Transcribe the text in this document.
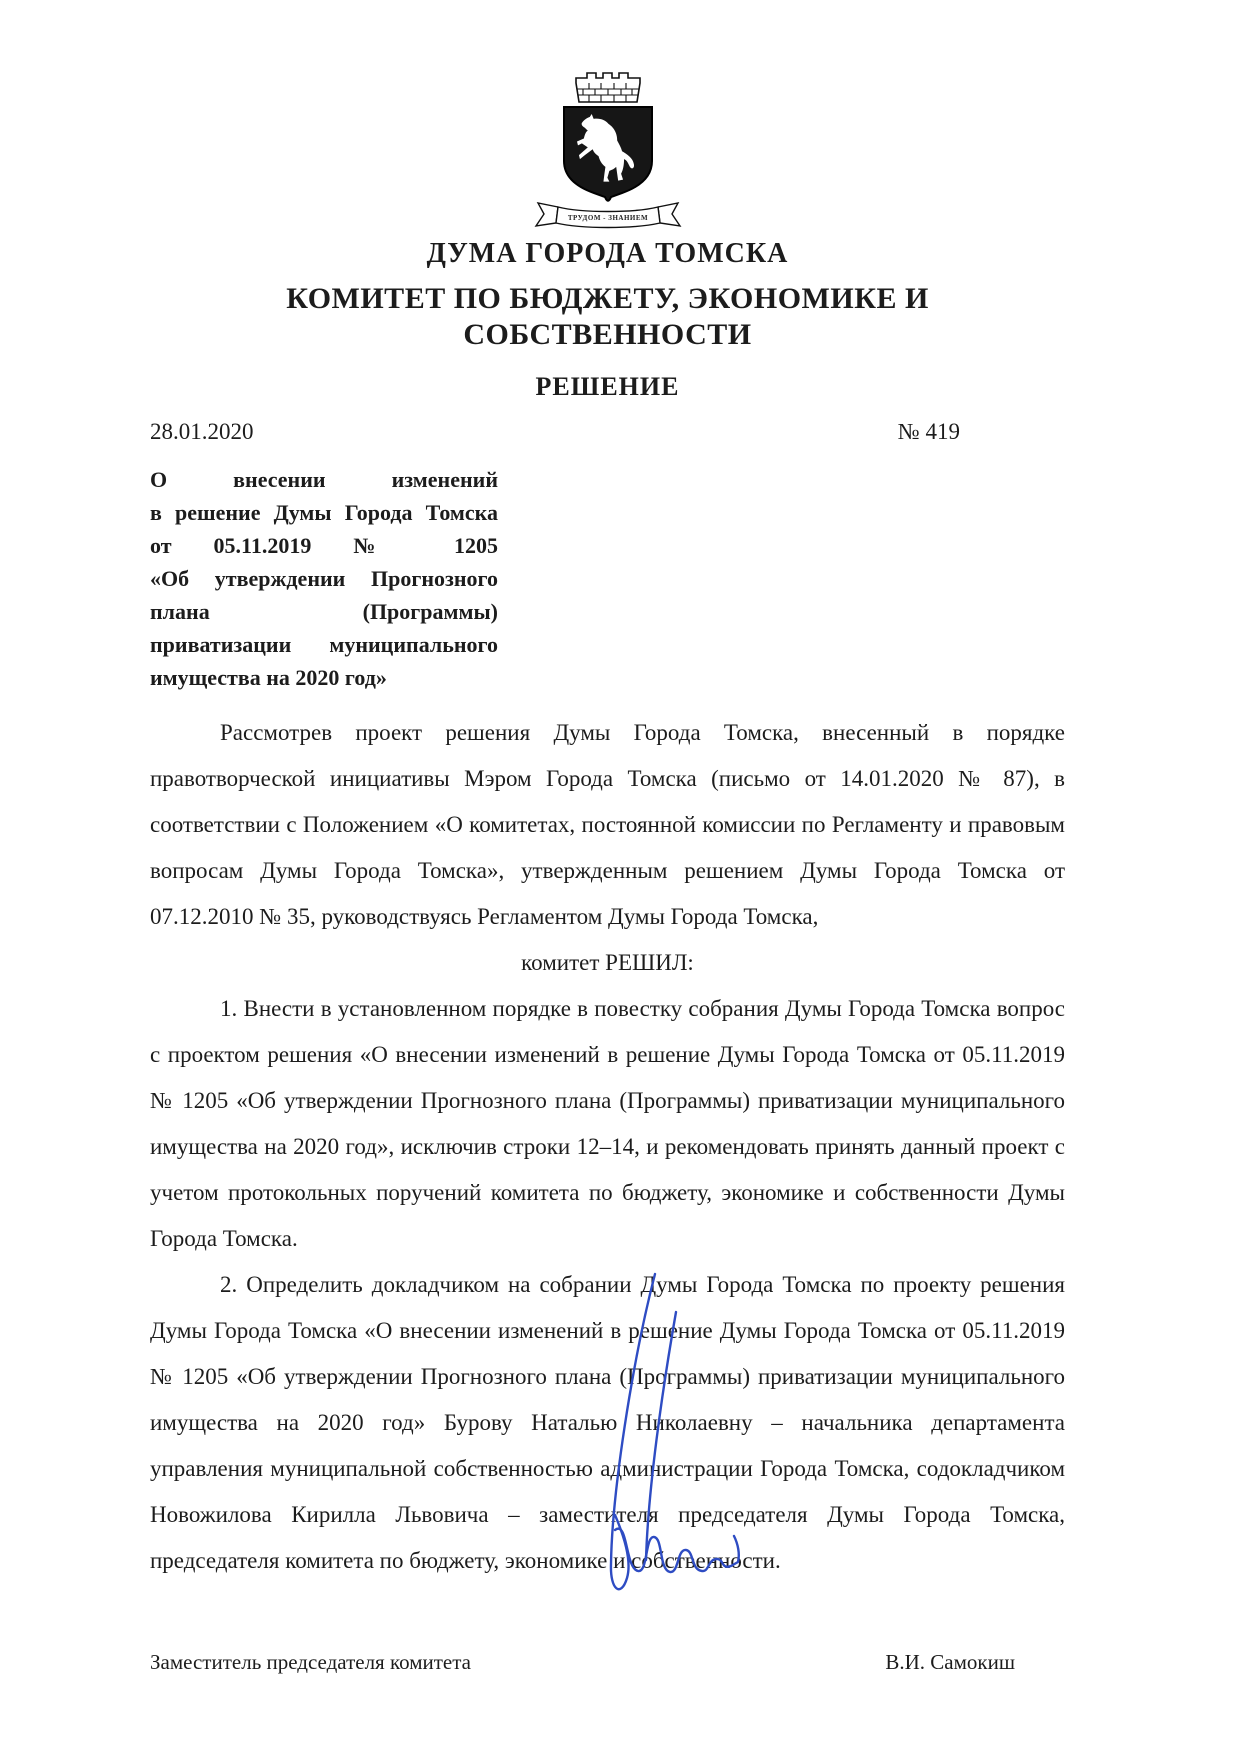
ТРУДОМ - ЗНАНИЕМ
ДУМА ГОРОДА ТОМСКА
КОМИТЕТ ПО БЮДЖЕТУ, ЭКОНОМИКЕ И СОБСТВЕННОСТИ
РЕШЕНИЕ
28.01.2020	№ 419
О внесении изменений
в решение Думы Города Томска
от 05.11.2019 № 1205
«Об утверждении Прогнозного
плана (Программы)
приватизации муниципального
имущества на 2020 год»

Рассмотрев проект решения Думы Города Томска, внесенный в порядке правотворческой инициативы Мэром Города Томска (письмо от 14.01.2020 № 87), в соответствии с Положением «О комитетах, постоянной комиссии по Регламенту и правовым вопросам Думы Города Томска», утвержденным решением Думы Города Томска от 07.12.2010 № 35, руководствуясь Регламентом Думы Города Томска,

комитет РЕШИЛ:

1. Внести в установленном порядке в повестку собрания Думы Города Томска вопрос с проектом решения «О внесении изменений в решение Думы Города Томска от 05.11.2019 № 1205 «Об утверждении Прогнозного плана (Программы) приватизации муниципального имущества на 2020 год», исключив строки 12–14, и рекомендовать принять данный проект с учетом протокольных поручений комитета по бюджету, экономике и собственности Думы Города Томска.

2. Определить докладчиком на собрании Думы Города Томска по проекту решения Думы Города Томска «О внесении изменений в решение Думы Города Томска от 05.11.2019 № 1205 «Об утверждении Прогнозного плана (Программы) приватизации муниципального имущества на 2020 год» Бурову Наталью Николаевну – начальника департамента управления муниципальной собственностью администрации Города Томска, содокладчиком Новожилова Кирилла Львовича – заместителя председателя Думы Города Томска, председателя комитета по бюджету, экономике и собственности.

Заместитель председателя комитета	В.И. Самокиш
